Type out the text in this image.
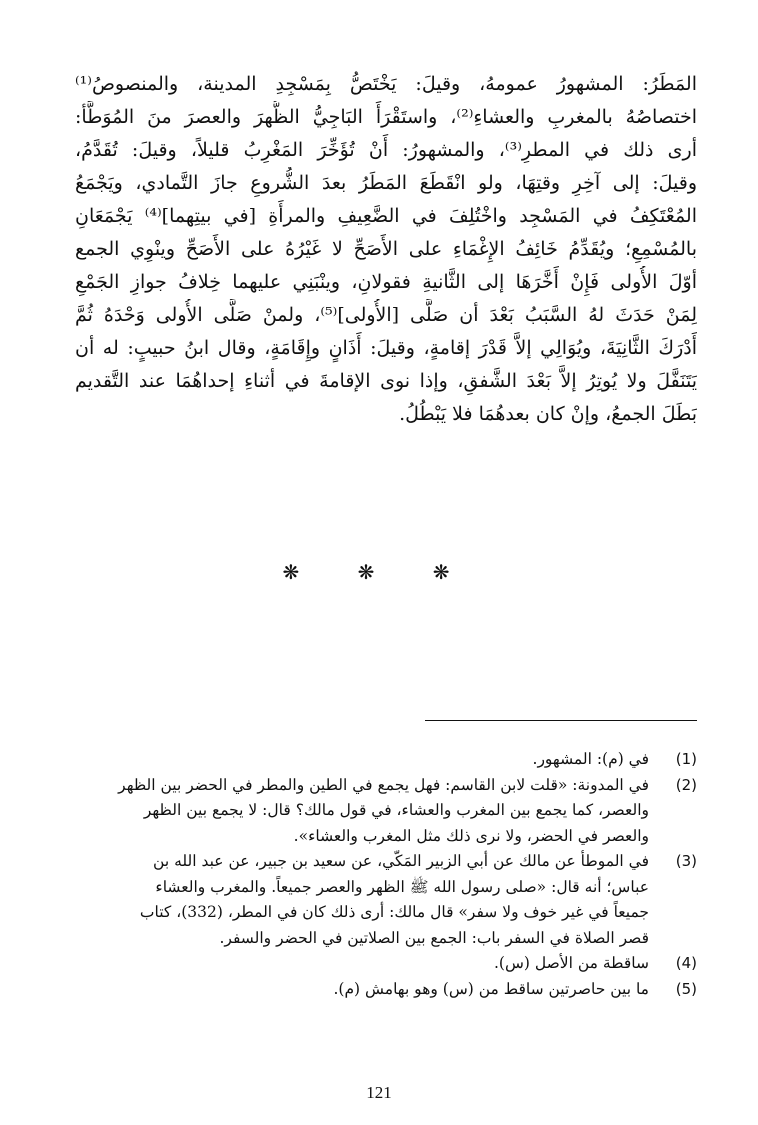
المَطَرُ: المشهورُ عمومهُ، وقيلَ: يَخْتَصُّ بِمَسْجِدِ المدينة، والمنصوصُ⁽¹⁾
اختصاصُهُ بالمغربِ والعشاءِ⁽²⁾، واستَقْرَأَ البَاجِيُّ الظُّهرَ والعصرَ منَ المُوَطَّأ:
أرى ذلك في المطرِ⁽³⁾، والمشهورُ: أَنْ تُؤَخِّرَ المَغْرِبُ قليلاً، وقيلَ: تُقَدَّمُ،
وقيلَ: إلى آخِرِ وقتِهَا، ولو انْقَطَعَ المَطَرُ بعدَ الشُّروعِ جازَ التَّمادي، ويَجْمَعُ
المُعْتَكِفُ في المَسْجِد واخْتُلِفَ في الضَّعِيفِ والمرأَةِ [في بيتِهما]⁽⁴⁾ يَجْمَعَانِ
بالمُسْمِعِ؛ ويُقَدِّمُ خَائِفُ الإِغْمَاءِ على الأَصَحِّ لا غَيْرُهُ على الأَصَحِّ وينْوِي الجمع
أوّلَ الأُولى فَإِنْ أَخَّرَهَا إلى الثَّانيةِ فقولانِ، وينْبَنِي عليهما خِلافُ جوازِ الجَمْعِ
لِمَنْ حَدَثَ لهُ السَّبَبُ بَعْدَ أن صَلَّى [الأُولى]⁽⁵⁾، ولمنْ صَلَّى الأُولى وَحْدَهُ ثُمَّ
أَدْرَكَ الثَّانِيَةَ، ويُوَالِي إلاَّ قَدْرَ إقامةٍ، وقيلَ: أَذَانٍ وإِقَامَةٍ، وقال ابنُ حبيبٍ: له أن
يَتَنَفَّلَ ولا يُوتِرُ إلاَّ بَعْدَ الشَّفقِ، وإذا نوى الإقامةَ في أثناءِ إحداهُمَا عند التَّقديم
بَطَلَ الجمعُ، وإنْ كان بعدهُمَا فلا يَبْطُلُ.
❋ ❋ ❋
(1)
في (م): المشهور.
(2)
في المدونة: «قلت لابن القاسم: فهل يجمع في الطين والمطر في الحضر بين الظهر
والعصر، كما يجمع بين المغرب والعشاء، في قول مالك؟ قال: لا يجمع بين الظهر
والعصر في الحضر، ولا نرى ذلك مثل المغرب والعشاء».
(3)
في الموطأ عن مالك عن أبي الزبير المَكّي، عن سعيد بن جبير، عن عبد الله بن
عباس؛ أنه قال: «صلى رسول الله ﷺ الظهر والعصر جميعاً. والمغرب والعشاء
جميعاً في غير خوف ولا سفر» قال مالك: أرى ذلك كان في المطر، (332)، كتاب
قصر الصلاة في السفر باب: الجمع بين الصلاتين في الحضر والسفر.
(4)
ساقطة من الأصل (س).
(5)
ما بين حاصرتين ساقط من (س) وهو بهامش (م).
121
